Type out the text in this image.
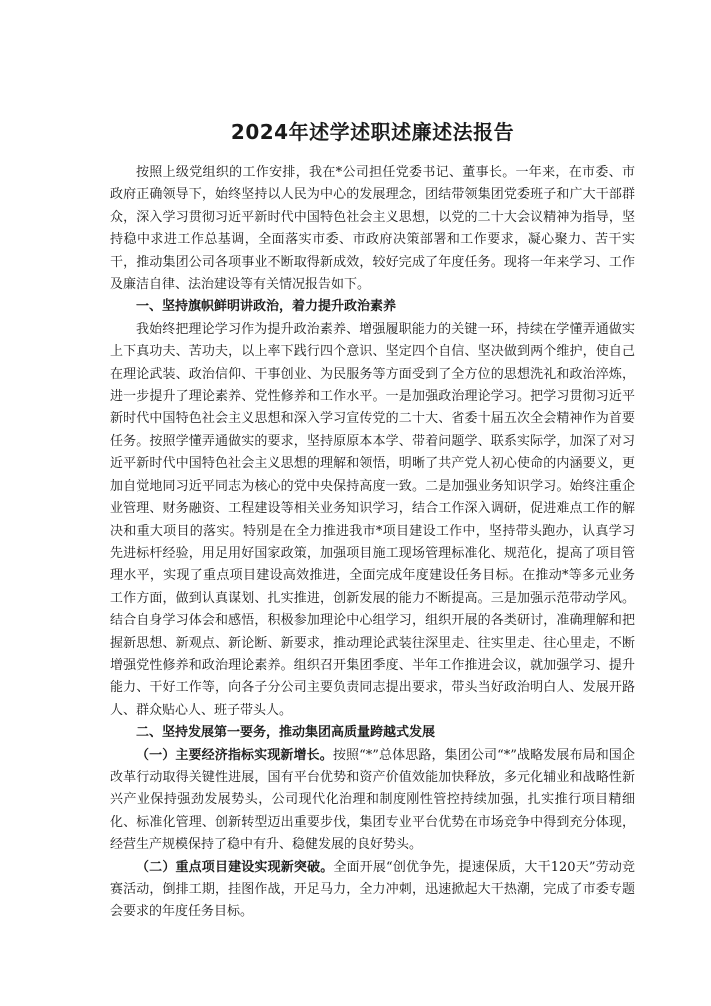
2024年述学述职述廉述法报告

按照上级党组织的工作安排，我在*公司担任党委书记、董事长。一年来，在市委、市政府正确领导下，始终坚持以人民为中心的发展理念，团结带领集团党委班子和广大干部群众，深入学习贯彻习近平新时代中国特色社会主义思想，以党的二十大会议精神为指导，坚持稳中求进工作总基调，全面落实市委、市政府决策部署和工作要求，凝心聚力、苦干实干，推动集团公司各项事业不断取得新成效，较好完成了年度任务。现将一年来学习、工作及廉洁自律、法治建设等有关情况报告如下。

一、坚持旗帜鲜明讲政治，着力提升政治素养

我始终把理论学习作为提升政治素养、增强履职能力的关键一环，持续在学懂弄通做实上下真功夫、苦功夫，以上率下践行四个意识、坚定四个自信、坚决做到两个维护，使自己在理论武装、政治信仰、干事创业、为民服务等方面受到了全方位的思想洗礼和政治淬炼，进一步提升了理论素养、党性修养和工作水平。一是加强政治理论学习。把学习贯彻习近平新时代中国特色社会主义思想和深入学习宣传党的二十大、省委十届五次全会精神作为首要任务。按照学懂弄通做实的要求，坚持原原本本学、带着问题学、联系实际学，加深了对习近平新时代中国特色社会主义思想的理解和领悟，明晰了共产党人初心使命的内涵要义，更加自觉地同习近平同志为核心的党中央保持高度一致。二是加强业务知识学习。始终注重企业管理、财务融资、工程建设等相关业务知识学习，结合工作深入调研，促进难点工作的解决和重大项目的落实。特别是在全力推进我市*项目建设工作中，坚持带头跑办，认真学习先进标杆经验，用足用好国家政策，加强项目施工现场管理标准化、规范化，提高了项目管理水平，实现了重点项目建设高效推进，全面完成年度建设任务目标。在推动*等多元业务工作方面，做到认真谋划、扎实推进，创新发展的能力不断提高。三是加强示范带动学风。结合自身学习体会和感悟，积极参加理论中心组学习，组织开展的各类研讨，准确理解和把握新思想、新观点、新论断、新要求，推动理论武装往深里走、往实里走、往心里走，不断增强党性修养和政治理论素养。组织召开集团季度、半年工作推进会议，就加强学习、提升能力、干好工作等，向各子分公司主要负责同志提出要求，带头当好政治明白人、发展开路人、群众贴心人、班子带头人。

二、坚持发展第一要务，推动集团高质量跨越式发展

（一）主要经济指标实现新增长。按照“*”总体思路，集团公司“*”战略发展布局和国企改革行动取得关键性进展，国有平台优势和资产价值效能加快释放，多元化辅业和战略性新兴产业保持强劲发展势头，公司现代化治理和制度刚性管控持续加强，扎实推行项目精细化、标准化管理、创新转型迈出重要步伐，集团专业平台优势在市场竞争中得到充分体现，经营生产规模保持了稳中有升、稳健发展的良好势头。

（二）重点项目建设实现新突破。全面开展“创优争先，提速保质，大干120天”劳动竞赛活动，倒排工期，挂图作战，开足马力，全力冲刺，迅速掀起大干热潮，完成了市委专题会要求的年度任务目标。
